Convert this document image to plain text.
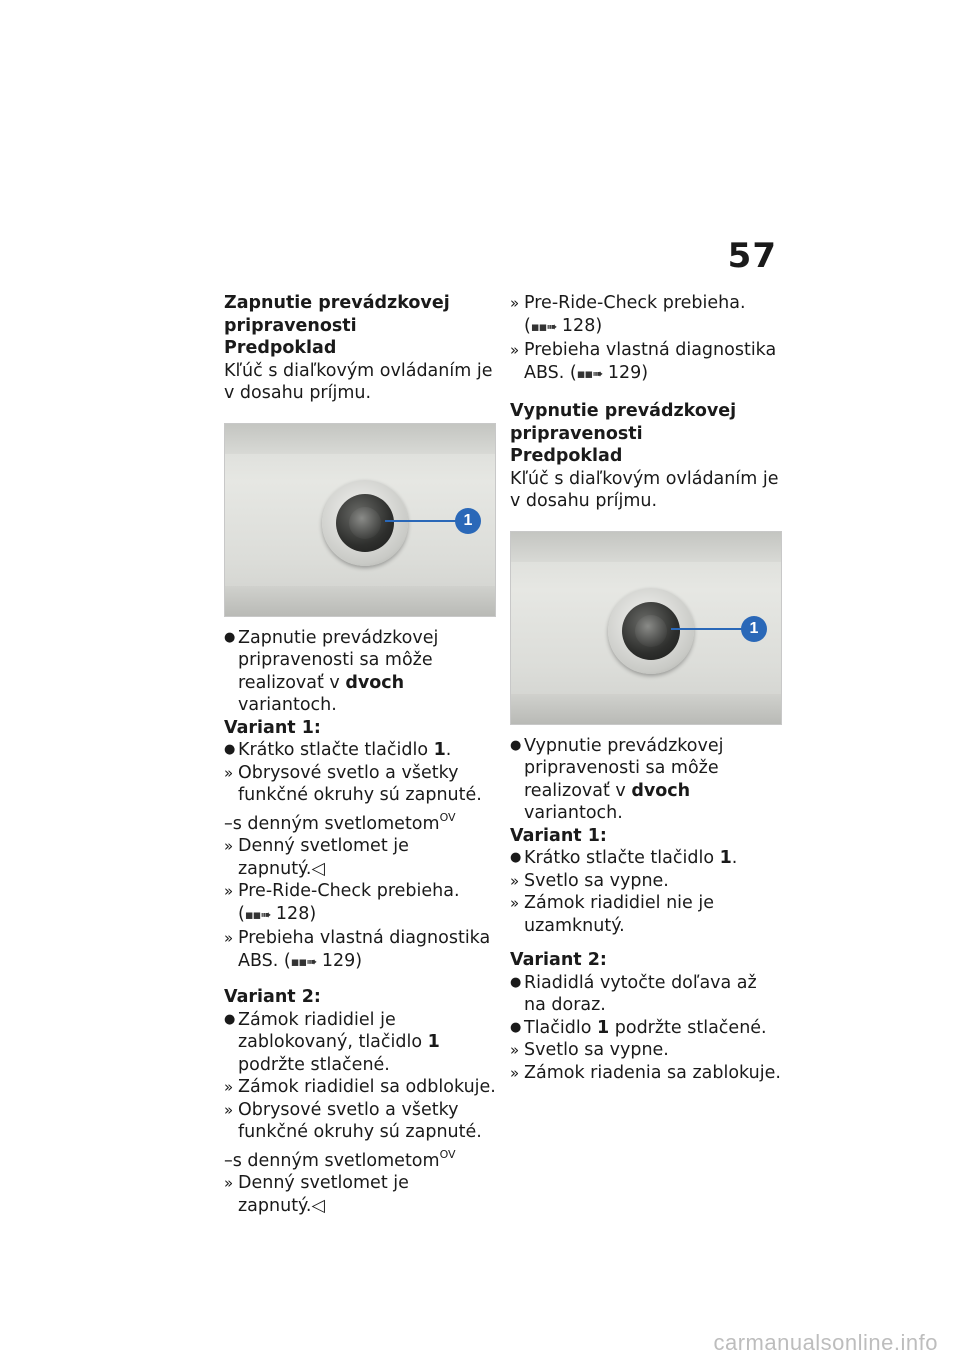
57

Zapnutie prevádzkovej pripravenosti

Predpoklad

Kľúč s diaľkovým ovládaním je v dosahu príjmu.

1
● Zapnutie prevádzkovej pripravenosti sa môže realizovať v dvoch variantoch.

Variant 1:

● Krátko stlačte tlačidlo 1.
» Obrysové svetlo a všetky funkčné okruhy sú zapnuté.

–s denným svetlometom$^{OV}$

» Denný svetlomet je zapnutý.◁
» Pre-Ride-Check prebieha.
(▪▪➠ 128)
» Prebieha vlastná diagnostika ABS. (▪▪➠ 129)

Variant 2:

● Zámok riadidiel je zablokovaný, tlačidlo 1 podržte stlačené.
» Zámok riadidiel sa odblokuje.
» Obrysové svetlo a všetky funkčné okruhy sú zapnuté.

–s denným svetlometom$^{OV}$

» Denný svetlomet je zapnutý.◁
» Pre-Ride-Check prebieha.
(▪▪➠ 128)
» Prebieha vlastná diagnostika ABS. (▪▪➠ 129)

Vypnutie prevádzkovej pripravenosti

Predpoklad

Kľúč s diaľkovým ovládaním je v dosahu príjmu.

1
● Vypnutie prevádzkovej pripravenosti sa môže realizovať v dvoch variantoch.

Variant 1:

● Krátko stlačte tlačidlo 1.
» Svetlo sa vypne.
» Zámok riadidiel nie je uzamknutý.

Variant 2:

● Riadidlá vytočte doľava až na doraz.
● Tlačidlo 1 podržte stlačené.
» Svetlo sa vypne.
» Zámok riadenia sa zablokuje.
carmanualsonline.info
